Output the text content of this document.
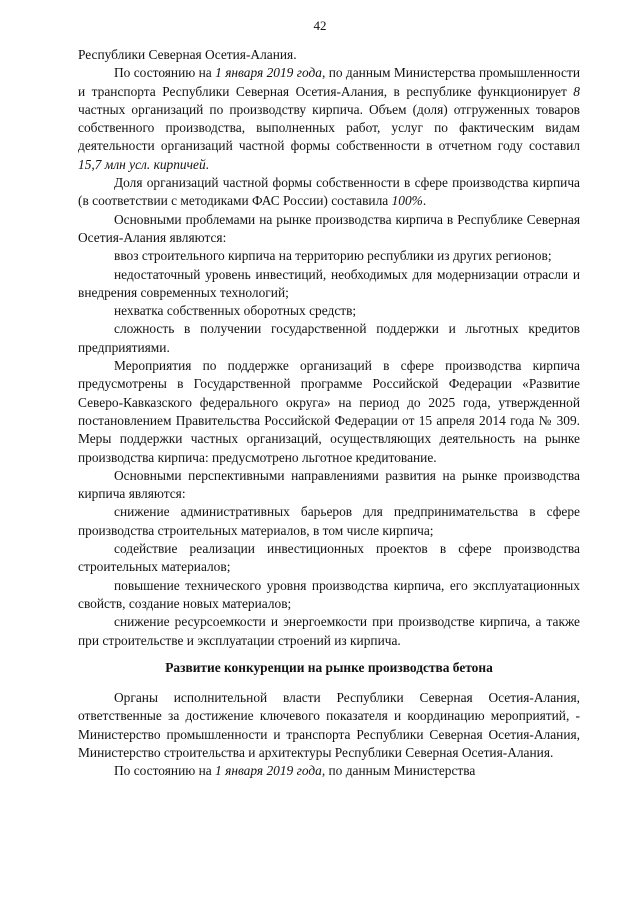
42

Республики Северная Осетия-Алания.

По состоянию на 1 января 2019 года, по данным Министерства промышленности и транспорта Республики Северная Осетия-Алания, в республике функционирует 8 частных организаций по производству кирпича. Объем (доля) отгруженных товаров собственного производства, выполненных работ, услуг по фактическим видам деятельности организаций частной формы собственности в отчетном году составил 15,7 млн усл. кирпичей.

Доля организаций частной формы собственности в сфере производства кирпича (в соответствии с методиками ФАС России) составила 100%.

Основными проблемами на рынке производства кирпича в Республике Северная Осетия-Алания являются:

ввоз строительного кирпича на территорию республики из других регионов;

недостаточный уровень инвестиций, необходимых для модернизации отрасли и внедрения современных технологий;

нехватка собственных оборотных средств;

сложность в получении государственной поддержки и льготных кредитов предприятиями.

Мероприятия по поддержке организаций в сфере производства кирпича предусмотрены в Государственной программе Российской Федерации «Развитие Северо-Кавказского федерального округа» на период до 2025 года, утвержденной постановлением Правительства Российской Федерации от 15 апреля 2014 года № 309. Меры поддержки частных организаций, осуществляющих деятельность на рынке производства кирпича: предусмотрено льготное кредитование.

Основными перспективными направлениями развития на рынке производства кирпича являются:

снижение административных барьеров для предпринимательства в сфере производства строительных материалов, в том числе кирпича;

содействие реализации инвестиционных проектов в сфере производства строительных материалов;

повышение технического уровня производства кирпича, его эксплуатационных свойств, создание новых материалов;

снижение ресурсоемкости и энергоемкости при производстве кирпича, а также при строительстве и эксплуатации строений из кирпича.

Развитие конкуренции на рынке производства бетона

Органы исполнительной власти Республики Северная Осетия-Алания, ответственные за достижение ключевого показателя и координацию мероприятий, - Министерство промышленности и транспорта Республики Северная Осетия-Алания, Министерство строительства и архитектуры Республики Северная Осетия-Алания.

По состоянию на 1 января 2019 года, по данным Министерства
